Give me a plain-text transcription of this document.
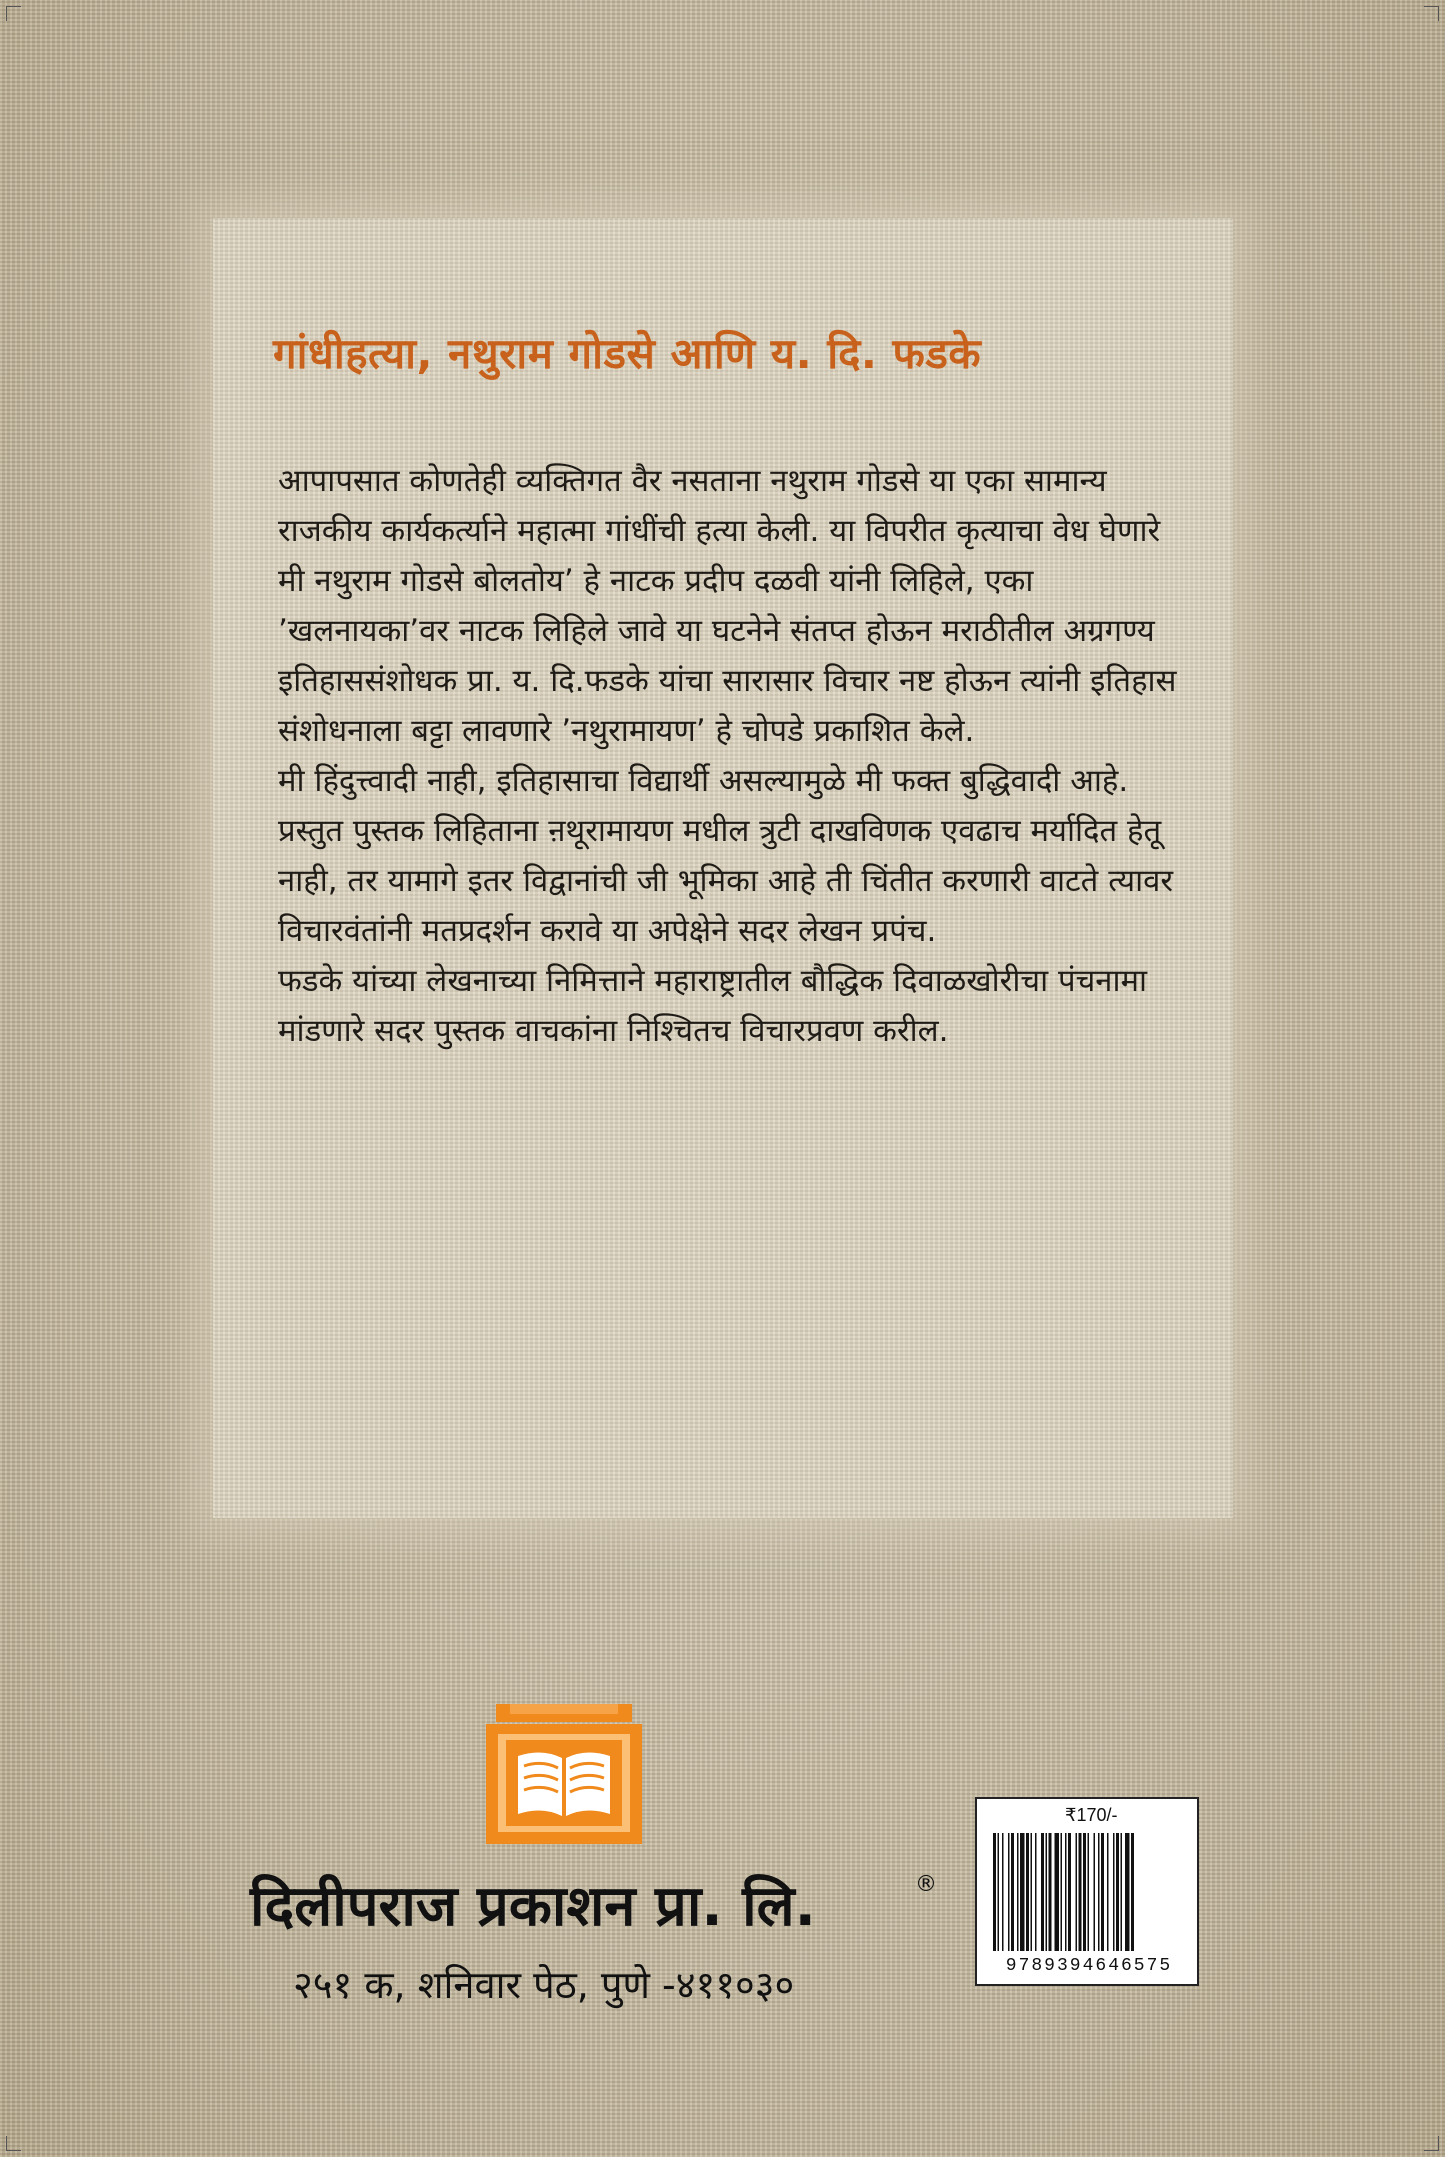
गांधीहत्या, नथुराम गोडसे आणि य. दि. फडके

आपापसात कोणतेही व्यक्तिगत वैर नसताना नथुराम गोडसे या एका सामान्य राजकीय कार्यकर्त्याने महात्मा गांधींची हत्या केली. या विपरीत कृत्याचा वेध घेणारे मी नथुराम गोडसे बोलतोय’ हे नाटक प्रदीप दळवी यांनी लिहिले, एका ’खलनायका’वर नाटक लिहिले जावे या घटनेने संतप्त होऊन मराठीतील अग्रगण्य इतिहाससंशोधक प्रा. य. दि.फडके यांचा सारासार विचार नष्ट होऊन त्यांनी इतिहास संशोधनाला बट्टा लावणारे ’नथुरामायण’ हे चोपडे प्रकाशित केले.

मी हिंदुत्त्वादी नाही, इतिहासाचा विद्यार्थी असल्यामुळे मी फक्त बुद्धिवादी आहे.

प्रस्तुत पुस्तक लिहिताना ऩथूरामायण मधील त्रुटी दाखविणक एवढाच मर्यादित हेतू नाही, तर यामागे इतर विद्वानांची जी भूमिका आहे ती चिंतीत करणारी वाटते त्यावर विचारवंतांनी मतप्रदर्शन करावे या अपेक्षेने सदर लेखन प्रपंच.

फडके यांच्या लेखनाच्या निमित्ताने महाराष्ट्रातील बौद्धिक दिवाळखोरीचा पंचनामा मांडणारे सदर पुस्तक वाचकांना निश्चितच विचारप्रवण करील.

दिलीपराज प्रकाशन प्रा. लि.	®
२५१ क, शनिवार पेठ, पुणे -४११०३०
₹170/-
9789394646575
